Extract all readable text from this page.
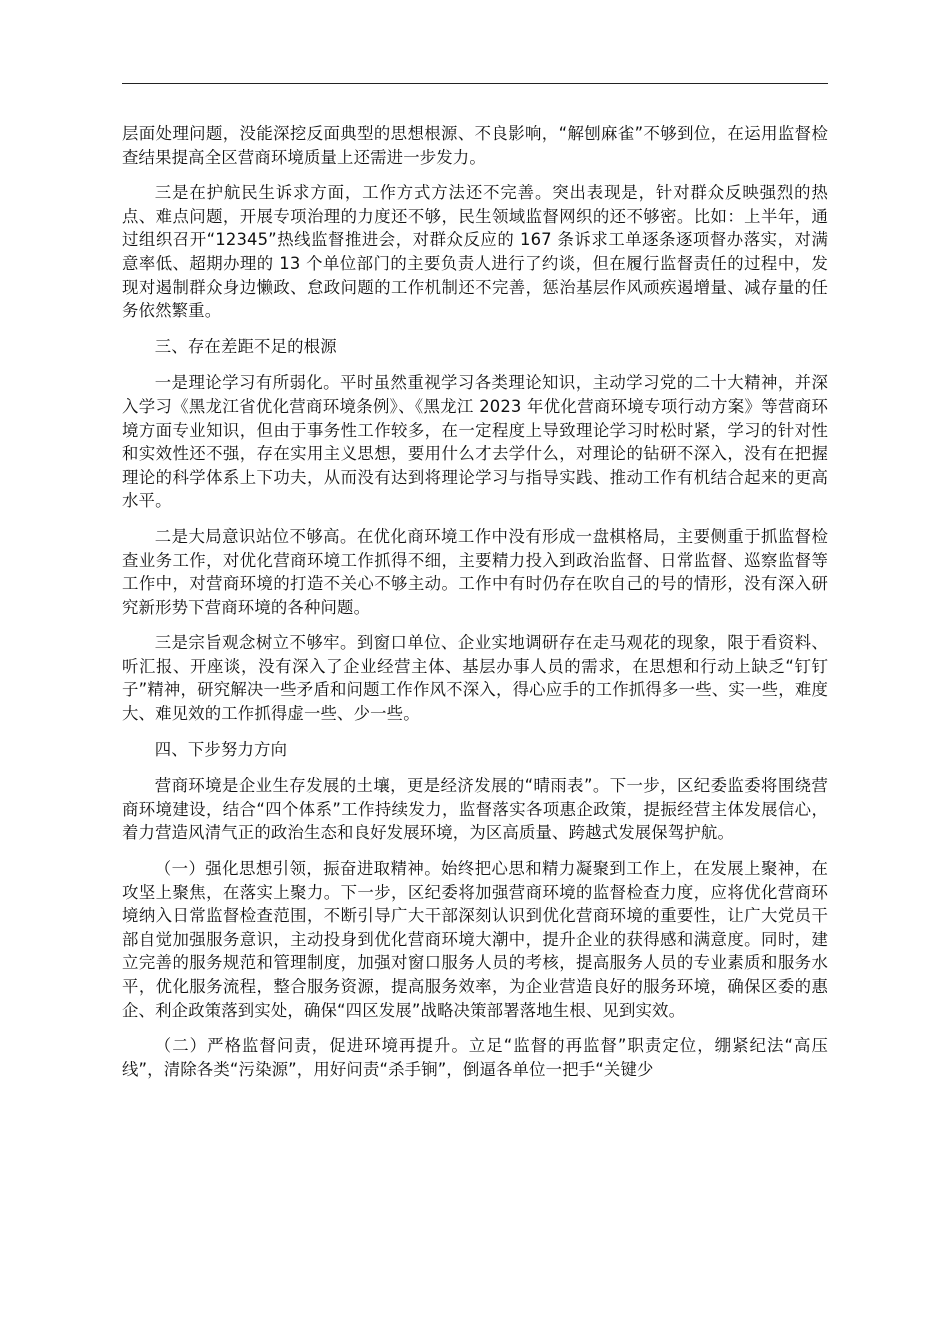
层面处理问题，没能深挖反面典型的思想根源、不良影响，“解刨麻雀”不够到位，在运用监督检查结果提高全区营商环境质量上还需进一步发力。

三是在护航民生诉求方面，工作方式方法还不完善。突出表现是，针对群众反映强烈的热点、难点问题，开展专项治理的力度还不够，民生领域监督网织的还不够密。比如：上半年，通过组织召开“12345”热线监督推进会，对群众反应的 167 条诉求工单逐条逐项督办落实，对满意率低、超期办理的 13 个单位部门的主要负责人进行了约谈，但在履行监督责任的过程中，发现对遏制群众身边懒政、怠政问题的工作机制还不完善，惩治基层作风顽疾遏增量、减存量的任务依然繁重。

三、存在差距不足的根源

一是理论学习有所弱化。平时虽然重视学习各类理论知识，主动学习党的二十大精神，并深入学习《黑龙江省优化营商环境条例》、《黑龙江 2023 年优化营商环境专项行动方案》等营商环境方面专业知识，但由于事务性工作较多，在一定程度上导致理论学习时松时紧，学习的针对性和实效性还不强，存在实用主义思想，要用什么才去学什么，对理论的钻研不深入，没有在把握理论的科学体系上下功夫，从而没有达到将理论学习与指导实践、推动工作有机结合起来的更高水平。

二是大局意识站位不够高。在优化商环境工作中没有形成一盘棋格局，主要侧重于抓监督检查业务工作，对优化营商环境工作抓得不细，主要精力投入到政治监督、日常监督、巡察监督等工作中，对营商环境的打造不关心不够主动。工作中有时仍存在吹自己的号的情形，没有深入研究新形势下营商环境的各种问题。

三是宗旨观念树立不够牢。到窗口单位、企业实地调研存在走马观花的现象，限于看资料、听汇报、开座谈，没有深入了企业经营主体、基层办事人员的需求，在思想和行动上缺乏“钉钉子”精神，研究解决一些矛盾和问题工作作风不深入，得心应手的工作抓得多一些、实一些，难度大、难见效的工作抓得虚一些、少一些。

四、下步努力方向

营商环境是企业生存发展的土壤，更是经济发展的“晴雨表”。下一步，区纪委监委将围绕营商环境建设，结合“四个体系”工作持续发力，监督落实各项惠企政策，提振经营主体发展信心，着力营造风清气正的政治生态和良好发展环境，为区高质量、跨越式发展保驾护航。

（一）强化思想引领，振奋进取精神。始终把心思和精力凝聚到工作上，在发展上聚神，在攻坚上聚焦，在落实上聚力。下一步，区纪委将加强营商环境的监督检查力度，应将优化营商环境纳入日常监督检查范围，不断引导广大干部深刻认识到优化营商环境的重要性，让广大党员干部自觉加强服务意识，主动投身到优化营商环境大潮中，提升企业的获得感和满意度。同时，建立完善的服务规范和管理制度，加强对窗口服务人员的考核，提高服务人员的专业素质和服务水平，优化服务流程，整合服务资源，提高服务效率，为企业营造良好的服务环境，确保区委的惠企、利企政策落到实处，确保“四区发展”战略决策部署落地生根、见到实效。

（二）严格监督问责，促进环境再提升。立足“监督的再监督”职责定位，绷紧纪法“高压线”，清除各类“污染源”，用好问责“杀手锏”，倒逼各单位一把手“关键少
